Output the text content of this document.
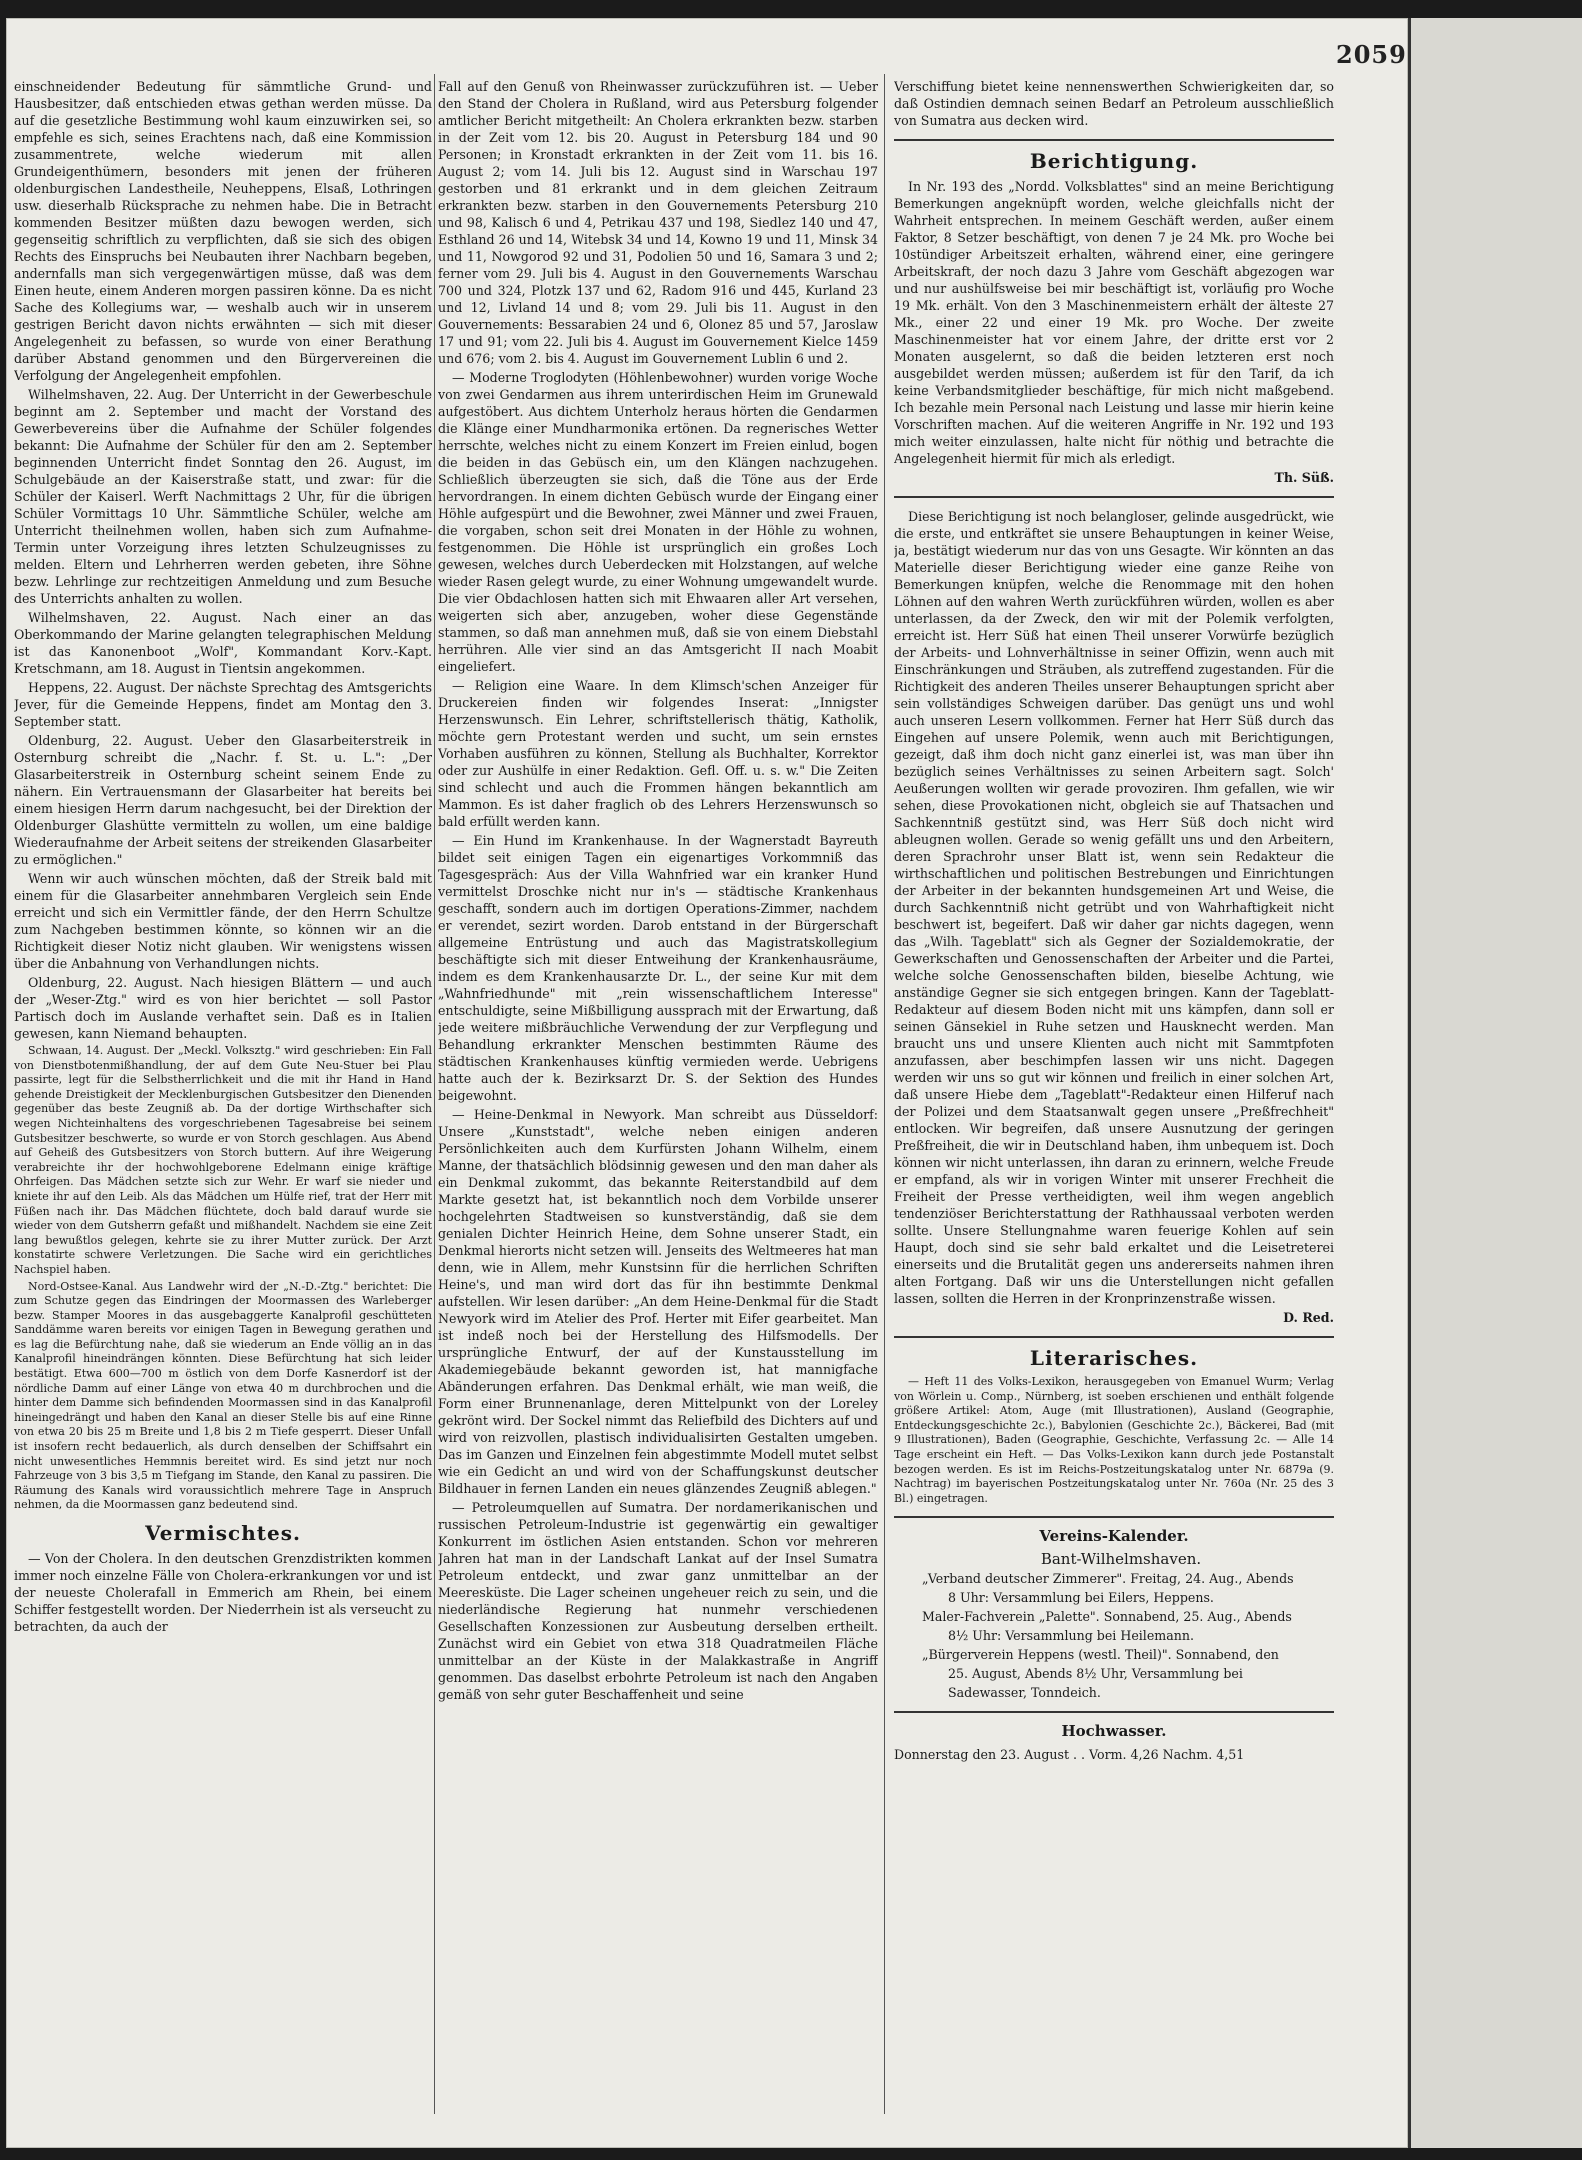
2059

einschneidender Bedeutung für sämmtliche Grund- und Hausbesitzer, daß entschieden etwas gethan werden müsse. Da auf die gesetzliche Bestimmung wohl kaum einzuwirken sei, so empfehle es sich, seines Erachtens nach, daß eine Kommission zusammentrete, welche wiederum mit allen Grundeigenthümern, besonders mit jenen der früheren oldenburgischen Landestheile, Neuheppens, Elsaß, Lothringen usw. dieserhalb Rücksprache zu nehmen habe. Die in Betracht kommenden Besitzer müßten dazu bewogen werden, sich gegenseitig schriftlich zu verpflichten, daß sie sich des obigen Rechts des Einspruchs bei Neubauten ihrer Nachbarn begeben, andernfalls man sich vergegenwärtigen müsse, daß was dem Einen heute, einem Anderen morgen passiren könne. Da es nicht Sache des Kollegiums war, — weshalb auch wir in unserem gestrigen Bericht davon nichts erwähnten — sich mit dieser Angelegenheit zu befassen, so wurde von einer Berathung darüber Abstand genommen und den Bürgervereinen die Verfolgung der Angelegenheit empfohlen.

Wilhelmshaven, 22. Aug. Der Unterricht in der Gewerbeschule beginnt am 2. September und macht der Vorstand des Gewerbevereins über die Aufnahme der Schüler folgendes bekannt: Die Aufnahme der Schüler für den am 2. September beginnenden Unterricht findet Sonntag den 26. August, im Schulgebäude an der Kaiserstraße statt, und zwar: für die Schüler der Kaiserl. Werft Nachmittags 2 Uhr, für die übrigen Schüler Vormittags 10 Uhr. Sämmtliche Schüler, welche am Unterricht theilnehmen wollen, haben sich zum Aufnahme-Termin unter Vorzeigung ihres letzten Schulzeugnisses zu melden. Eltern und Lehrherren werden gebeten, ihre Söhne bezw. Lehrlinge zur rechtzeitigen Anmeldung und zum Besuche des Unterrichts anhalten zu wollen.

Wilhelmshaven, 22. August. Nach einer an das Oberkommando der Marine gelangten telegraphischen Meldung ist das Kanonenboot „Wolf", Kommandant Korv.-Kapt. Kretschmann, am 18. August in Tientsin angekommen.

Heppens, 22. August. Der nächste Sprechtag des Amtsgerichts Jever, für die Gemeinde Heppens, findet am Montag den 3. September statt.

Oldenburg, 22. August. Ueber den Glasarbeiterstreik in Osternburg schreibt die „Nachr. f. St. u. L.": „Der Glasarbeiterstreik in Osternburg scheint seinem Ende zu nähern. Ein Vertrauensmann der Glasarbeiter hat bereits bei einem hiesigen Herrn darum nachgesucht, bei der Direktion der Oldenburger Glashütte vermitteln zu wollen, um eine baldige Wiederaufnahme der Arbeit seitens der streikenden Glasarbeiter zu ermöglichen."

Wenn wir auch wünschen möchten, daß der Streik bald mit einem für die Glasarbeiter annehmbaren Vergleich sein Ende erreicht und sich ein Vermittler fände, der den Herrn Schultze zum Nachgeben bestimmen könnte, so können wir an die Richtigkeit dieser Notiz nicht glauben. Wir wenigstens wissen über die Anbahnung von Verhandlungen nichts.

Oldenburg, 22. August. Nach hiesigen Blättern — und auch der „Weser-Ztg." wird es von hier berichtet — soll Pastor Partisch doch im Auslande verhaftet sein. Daß es in Italien gewesen, kann Niemand behaupten.

Schwaan, 14. August. Der „Meckl. Volksztg." wird geschrieben: Ein Fall von Dienstbotenmißhandlung, der auf dem Gute Neu-Stuer bei Plau passirte, legt für die Selbstherrlichkeit und die mit ihr Hand in Hand gehende Dreistigkeit der Mecklenburgischen Gutsbesitzer den Dienenden gegenüber das beste Zeugniß ab. Da der dortige Wirthschafter sich wegen Nichteinhaltens des vorgeschriebenen Tagesabreise bei seinem Gutsbesitzer beschwerte, so wurde er von Storch geschlagen. Aus Abend auf Geheiß des Gutsbesitzers von Storch buttern. Auf ihre Weigerung verabreichte ihr der hochwohlgeborene Edelmann einige kräftige Ohrfeigen. Das Mädchen setzte sich zur Wehr. Er warf sie nieder und kniete ihr auf den Leib. Als das Mädchen um Hülfe rief, trat der Herr mit Füßen nach ihr. Das Mädchen flüchtete, doch bald darauf wurde sie wieder von dem Gutsherrn gefaßt und mißhandelt. Nachdem sie eine Zeit lang bewußtlos gelegen, kehrte sie zu ihrer Mutter zurück. Der Arzt konstatirte schwere Verletzungen. Die Sache wird ein gerichtliches Nachspiel haben.

Nord-Ostsee-Kanal. Aus Landwehr wird der „N.-D.-Ztg." berichtet: Die zum Schutze gegen das Eindringen der Moormassen des Warleberger bezw. Stamper Moores in das ausgebaggerte Kanalprofil geschütteten Sanddämme waren bereits vor einigen Tagen in Bewegung gerathen und es lag die Befürchtung nahe, daß sie wiederum an Ende völlig an in das Kanalprofil hineindrängen könnten. Diese Befürchtung hat sich leider bestätigt. Etwa 600—700 m östlich von dem Dorfe Kasnerdorf ist der nördliche Damm auf einer Länge von etwa 40 m durchbrochen und die hinter dem Damme sich befindenden Moormassen sind in das Kanalprofil hineingedrängt und haben den Kanal an dieser Stelle bis auf eine Rinne von etwa 20 bis 25 m Breite und 1,8 bis 2 m Tiefe gesperrt. Dieser Unfall ist insofern recht bedauerlich, als durch denselben der Schiffsahrt ein nicht unwesentliches Hemmnis bereitet wird. Es sind jetzt nur noch Fahrzeuge von 3 bis 3,5 m Tiefgang im Stande, den Kanal zu passiren. Die Räumung des Kanals wird voraussichtlich mehrere Tage in Anspruch nehmen, da die Moormassen ganz bedeutend sind.

Vermischtes.

— Von der Cholera. In den deutschen Grenzdistrikten kommen immer noch einzelne Fälle von Cholera-erkrankungen vor und ist der neueste Cholerafall in Emmerich am Rhein, bei einem Schiffer festgestellt worden. Der Niederrhein ist als verseucht zu betrachten, da auch der

Fall auf den Genuß von Rheinwasser zurückzuführen ist. — Ueber den Stand der Cholera in Rußland, wird aus Petersburg folgender amtlicher Bericht mitgetheilt: An Cholera erkrankten bezw. starben in der Zeit vom 12. bis 20. August in Petersburg 184 und 90 Personen; in Kronstadt erkrankten in der Zeit vom 11. bis 16. August 2; vom 14. Juli bis 12. August sind in Warschau 197 gestorben und 81 erkrankt und in dem gleichen Zeitraum erkrankten bezw. starben in den Gouvernements Petersburg 210 und 98, Kalisch 6 und 4, Petrikau 437 und 198, Siedlez 140 und 47, Esthland 26 und 14, Witebsk 34 und 14, Kowno 19 und 11, Minsk 34 und 11, Nowgorod 92 und 31, Podolien 50 und 16, Samara 3 und 2; ferner vom 29. Juli bis 4. August in den Gouvernements Warschau 700 und 324, Plotzk 137 und 62, Radom 916 und 445, Kurland 23 und 12, Livland 14 und 8; vom 29. Juli bis 11. August in den Gouvernements: Bessarabien 24 und 6, Olonez 85 und 57, Jaroslaw 17 und 91; vom 22. Juli bis 4. August im Gouvernement Kielce 1459 und 676; vom 2. bis 4. August im Gouvernement Lublin 6 und 2.

— Moderne Troglodyten (Höhlenbewohner) wurden vorige Woche von zwei Gendarmen aus ihrem unterirdischen Heim im Grunewald aufgestöbert. Aus dichtem Unterholz heraus hörten die Gendarmen die Klänge einer Mundharmonika ertönen. Da regnerisches Wetter herrschte, welches nicht zu einem Konzert im Freien einlud, bogen die beiden in das Gebüsch ein, um den Klängen nachzugehen. Schließlich überzeugten sie sich, daß die Töne aus der Erde hervordrangen. In einem dichten Gebüsch wurde der Eingang einer Höhle aufgespürt und die Bewohner, zwei Männer und zwei Frauen, die vorgaben, schon seit drei Monaten in der Höhle zu wohnen, festgenommen. Die Höhle ist ursprünglich ein großes Loch gewesen, welches durch Ueberdecken mit Holzstangen, auf welche wieder Rasen gelegt wurde, zu einer Wohnung umgewandelt wurde. Die vier Obdachlosen hatten sich mit Ehwaaren aller Art versehen, weigerten sich aber, anzugeben, woher diese Gegenstände stammen, so daß man annehmen muß, daß sie von einem Diebstahl herrühren. Alle vier sind an das Amtsgericht II nach Moabit eingeliefert.

— Religion eine Waare. In dem Klimsch'schen Anzeiger für Druckereien finden wir folgendes Inserat: „Innigster Herzenswunsch. Ein Lehrer, schriftstellerisch thätig, Katholik, möchte gern Protestant werden und sucht, um sein ernstes Vorhaben ausführen zu können, Stellung als Buchhalter, Korrektor oder zur Aushülfe in einer Redaktion. Gefl. Off. u. s. w." Die Zeiten sind schlecht und auch die Frommen hängen bekanntlich am Mammon. Es ist daher fraglich ob des Lehrers Herzenswunsch so bald erfüllt werden kann.

— Ein Hund im Krankenhause. In der Wagnerstadt Bayreuth bildet seit einigen Tagen ein eigenartiges Vorkommniß das Tagesgespräch: Aus der Villa Wahnfried war ein kranker Hund vermittelst Droschke nicht nur in's — städtische Krankenhaus geschafft, sondern auch im dortigen Operations-Zimmer, nachdem er verendet, sezirt worden. Darob entstand in der Bürgerschaft allgemeine Entrüstung und auch das Magistratskollegium beschäftigte sich mit dieser Entweihung der Krankenhausräume, indem es dem Krankenhausarzte Dr. L., der seine Kur mit dem „Wahnfriedhunde" mit „rein wissenschaftlichem Interesse" entschuldigte, seine Mißbilligung aussprach mit der Erwartung, daß jede weitere mißbräuchliche Verwendung der zur Verpflegung und Behandlung erkrankter Menschen bestimmten Räume des städtischen Krankenhauses künftig vermieden werde. Uebrigens hatte auch der k. Bezirksarzt Dr. S. der Sektion des Hundes beigewohnt.

— Heine-Denkmal in Newyork. Man schreibt aus Düsseldorf: Unsere „Kunststadt", welche neben einigen anderen Persönlichkeiten auch dem Kurfürsten Johann Wilhelm, einem Manne, der thatsächlich blödsinnig gewesen und den man daher als ein Denkmal zukommt, das bekannte Reiterstandbild auf dem Markte gesetzt hat, ist bekanntlich noch dem Vorbilde unserer hochgelehrten Stadtweisen so kunstverständig, daß sie dem genialen Dichter Heinrich Heine, dem Sohne unserer Stadt, ein Denkmal hierorts nicht setzen will. Jenseits des Weltmeeres hat man denn, wie in Allem, mehr Kunstsinn für die herrlichen Schriften Heine's, und man wird dort das für ihn bestimmte Denkmal aufstellen. Wir lesen darüber: „An dem Heine-Denkmal für die Stadt Newyork wird im Atelier des Prof. Herter mit Eifer gearbeitet. Man ist indeß noch bei der Herstellung des Hilfsmodells. Der ursprüngliche Entwurf, der auf der Kunstausstellung im Akademiegebäude bekannt geworden ist, hat mannigfache Abänderungen erfahren. Das Denkmal erhält, wie man weiß, die Form einer Brunnenanlage, deren Mittelpunkt von der Loreley gekrönt wird. Der Sockel nimmt das Reliefbild des Dichters auf und wird von reizvollen, plastisch individualisirten Gestalten umgeben. Das im Ganzen und Einzelnen fein abgestimmte Modell mutet selbst wie ein Gedicht an und wird von der Schaffungskunst deutscher Bildhauer in fernen Landen ein neues glänzendes Zeugniß ablegen."

— Petroleumquellen auf Sumatra. Der nordamerikanischen und russischen Petroleum-Industrie ist gegenwärtig ein gewaltiger Konkurrent im östlichen Asien entstanden. Schon vor mehreren Jahren hat man in der Landschaft Lankat auf der Insel Sumatra Petroleum entdeckt, und zwar ganz unmittelbar an der Meeresküste. Die Lager scheinen ungeheuer reich zu sein, und die niederländische Regierung hat nunmehr verschiedenen Gesellschaften Konzessionen zur Ausbeutung derselben ertheilt. Zunächst wird ein Gebiet von etwa 318 Quadratmeilen Fläche unmittelbar an der Küste in der Malakkastraße in Angriff genommen. Das daselbst erbohrte Petroleum ist nach den Angaben gemäß von sehr guter Beschaffenheit und seine

Verschiffung bietet keine nennenswerthen Schwierigkeiten dar, so daß Ostindien demnach seinen Bedarf an Petroleum ausschließlich von Sumatra aus decken wird.

Berichtigung.

In Nr. 193 des „Nordd. Volksblattes" sind an meine Berichtigung Bemerkungen angeknüpft worden, welche gleichfalls nicht der Wahrheit entsprechen. In meinem Geschäft werden, außer einem Faktor, 8 Setzer beschäftigt, von denen 7 je 24 Mk. pro Woche bei 10stündiger Arbeitszeit erhalten, während einer, eine geringere Arbeitskraft, der noch dazu 3 Jahre vom Geschäft abgezogen war und nur aushülfsweise bei mir beschäftigt ist, vorläufig pro Woche 19 Mk. erhält. Von den 3 Maschinenmeistern erhält der älteste 27 Mk., einer 22 und einer 19 Mk. pro Woche. Der zweite Maschinenmeister hat vor einem Jahre, der dritte erst vor 2 Monaten ausgelernt, so daß die beiden letzteren erst noch ausgebildet werden müssen; außerdem ist für den Tarif, da ich keine Verbandsmitglieder beschäftige, für mich nicht maßgebend. Ich bezahle mein Personal nach Leistung und lasse mir hierin keine Vorschriften machen. Auf die weiteren Angriffe in Nr. 192 und 193 mich weiter einzulassen, halte nicht für nöthig und betrachte die Angelegenheit hiermit für mich als erledigt.

Th. Süß.

Diese Berichtigung ist noch belangloser, gelinde ausgedrückt, wie die erste, und entkräftet sie unsere Behauptungen in keiner Weise, ja, bestätigt wiederum nur das von uns Gesagte. Wir könnten an das Materielle dieser Berichtigung wieder eine ganze Reihe von Bemerkungen knüpfen, welche die Renommage mit den hohen Löhnen auf den wahren Werth zurückführen würden, wollen es aber unterlassen, da der Zweck, den wir mit der Polemik verfolgten, erreicht ist. Herr Süß hat einen Theil unserer Vorwürfe bezüglich der Arbeits- und Lohnverhältnisse in seiner Offizin, wenn auch mit Einschränkungen und Sträuben, als zutreffend zugestanden. Für die Richtigkeit des anderen Theiles unserer Behauptungen spricht aber sein vollständiges Schweigen darüber. Das genügt uns und wohl auch unseren Lesern vollkommen. Ferner hat Herr Süß durch das Eingehen auf unsere Polemik, wenn auch mit Berichtigungen, gezeigt, daß ihm doch nicht ganz einerlei ist, was man über ihn bezüglich seines Verhältnisses zu seinen Arbeitern sagt. Solch' Aeußerungen wollten wir gerade provoziren. Ihm gefallen, wie wir sehen, diese Provokationen nicht, obgleich sie auf Thatsachen und Sachkenntniß gestützt sind, was Herr Süß doch nicht wird ableugnen wollen. Gerade so wenig gefällt uns und den Arbeitern, deren Sprachrohr unser Blatt ist, wenn sein Redakteur die wirthschaftlichen und politischen Bestrebungen und Einrichtungen der Arbeiter in der bekannten hundsgemeinen Art und Weise, die durch Sachkenntniß nicht getrübt und von Wahrhaftigkeit nicht beschwert ist, begeifert. Daß wir daher gar nichts dagegen, wenn das „Wilh. Tageblatt" sich als Gegner der Sozialdemokratie, der Gewerkschaften und Genossenschaften der Arbeiter und die Partei, welche solche Genossenschaften bilden, bieselbe Achtung, wie anständige Gegner sie sich entgegen bringen. Kann der Tageblatt-Redakteur auf diesem Boden nicht mit uns kämpfen, dann soll er seinen Gänsekiel in Ruhe setzen und Hausknecht werden. Man braucht uns und unsere Klienten auch nicht mit Sammtpfoten anzufassen, aber beschimpfen lassen wir uns nicht. Dagegen werden wir uns so gut wir können und freilich in einer solchen Art, daß unsere Hiebe dem „Tageblatt"-Redakteur einen Hilferuf nach der Polizei und dem Staatsanwalt gegen unsere „Preßfrechheit" entlocken. Wir begreifen, daß unsere Ausnutzung der geringen Preßfreiheit, die wir in Deutschland haben, ihm unbequem ist. Doch können wir nicht unterlassen, ihn daran zu erinnern, welche Freude er empfand, als wir in vorigen Winter mit unserer Frechheit die Freiheit der Presse vertheidigten, weil ihm wegen angeblich tendenziöser Berichterstattung der Rathhaussaal verboten werden sollte. Unsere Stellungnahme waren feuerige Kohlen auf sein Haupt, doch sind sie sehr bald erkaltet und die Leisetreterei einerseits und die Brutalität gegen uns andererseits nahmen ihren alten Fortgang. Daß wir uns die Unterstellungen nicht gefallen lassen, sollten die Herren in der Kronprinzenstraße wissen.

D. Red.

Literarisches.

— Heft 11 des Volks-Lexikon, herausgegeben von Emanuel Wurm; Verlag von Wörlein u. Comp., Nürnberg, ist soeben erschienen und enthält folgende größere Artikel: Atom, Auge (mit Illustrationen), Ausland (Geographie, Entdeckungsgeschichte 2c.), Babylonien (Geschichte 2c.), Bäckerei, Bad (mit 9 Illustrationen), Baden (Geographie, Geschichte, Verfassung 2c. — Alle 14 Tage erscheint ein Heft. — Das Volks-Lexikon kann durch jede Postanstalt bezogen werden. Es ist im Reichs-Postzeitungskatalog unter Nr. 6879a (9. Nachtrag) im bayerischen Postzeitungskatalog unter Nr. 760a (Nr. 25 des 3 Bl.) eingetragen.

Vereins-Kalender.

Bant-Wilhelmshaven.

„Verband deutscher Zimmerer". Freitag, 24. Aug., Abends

8 Uhr: Versammlung bei Eilers, Heppens.

Maler-Fachverein „Palette". Sonnabend, 25. Aug., Abends

8½ Uhr: Versammlung bei Heilemann.

„Bürgerverein Heppens (westl. Theil)". Sonnabend, den

25. August, Abends 8½ Uhr, Versammlung bei

Sadewasser, Tonndeich.

Hochwasser.

Donnerstag den 23. August . . Vorm. 4,26 Nachm. 4,51
